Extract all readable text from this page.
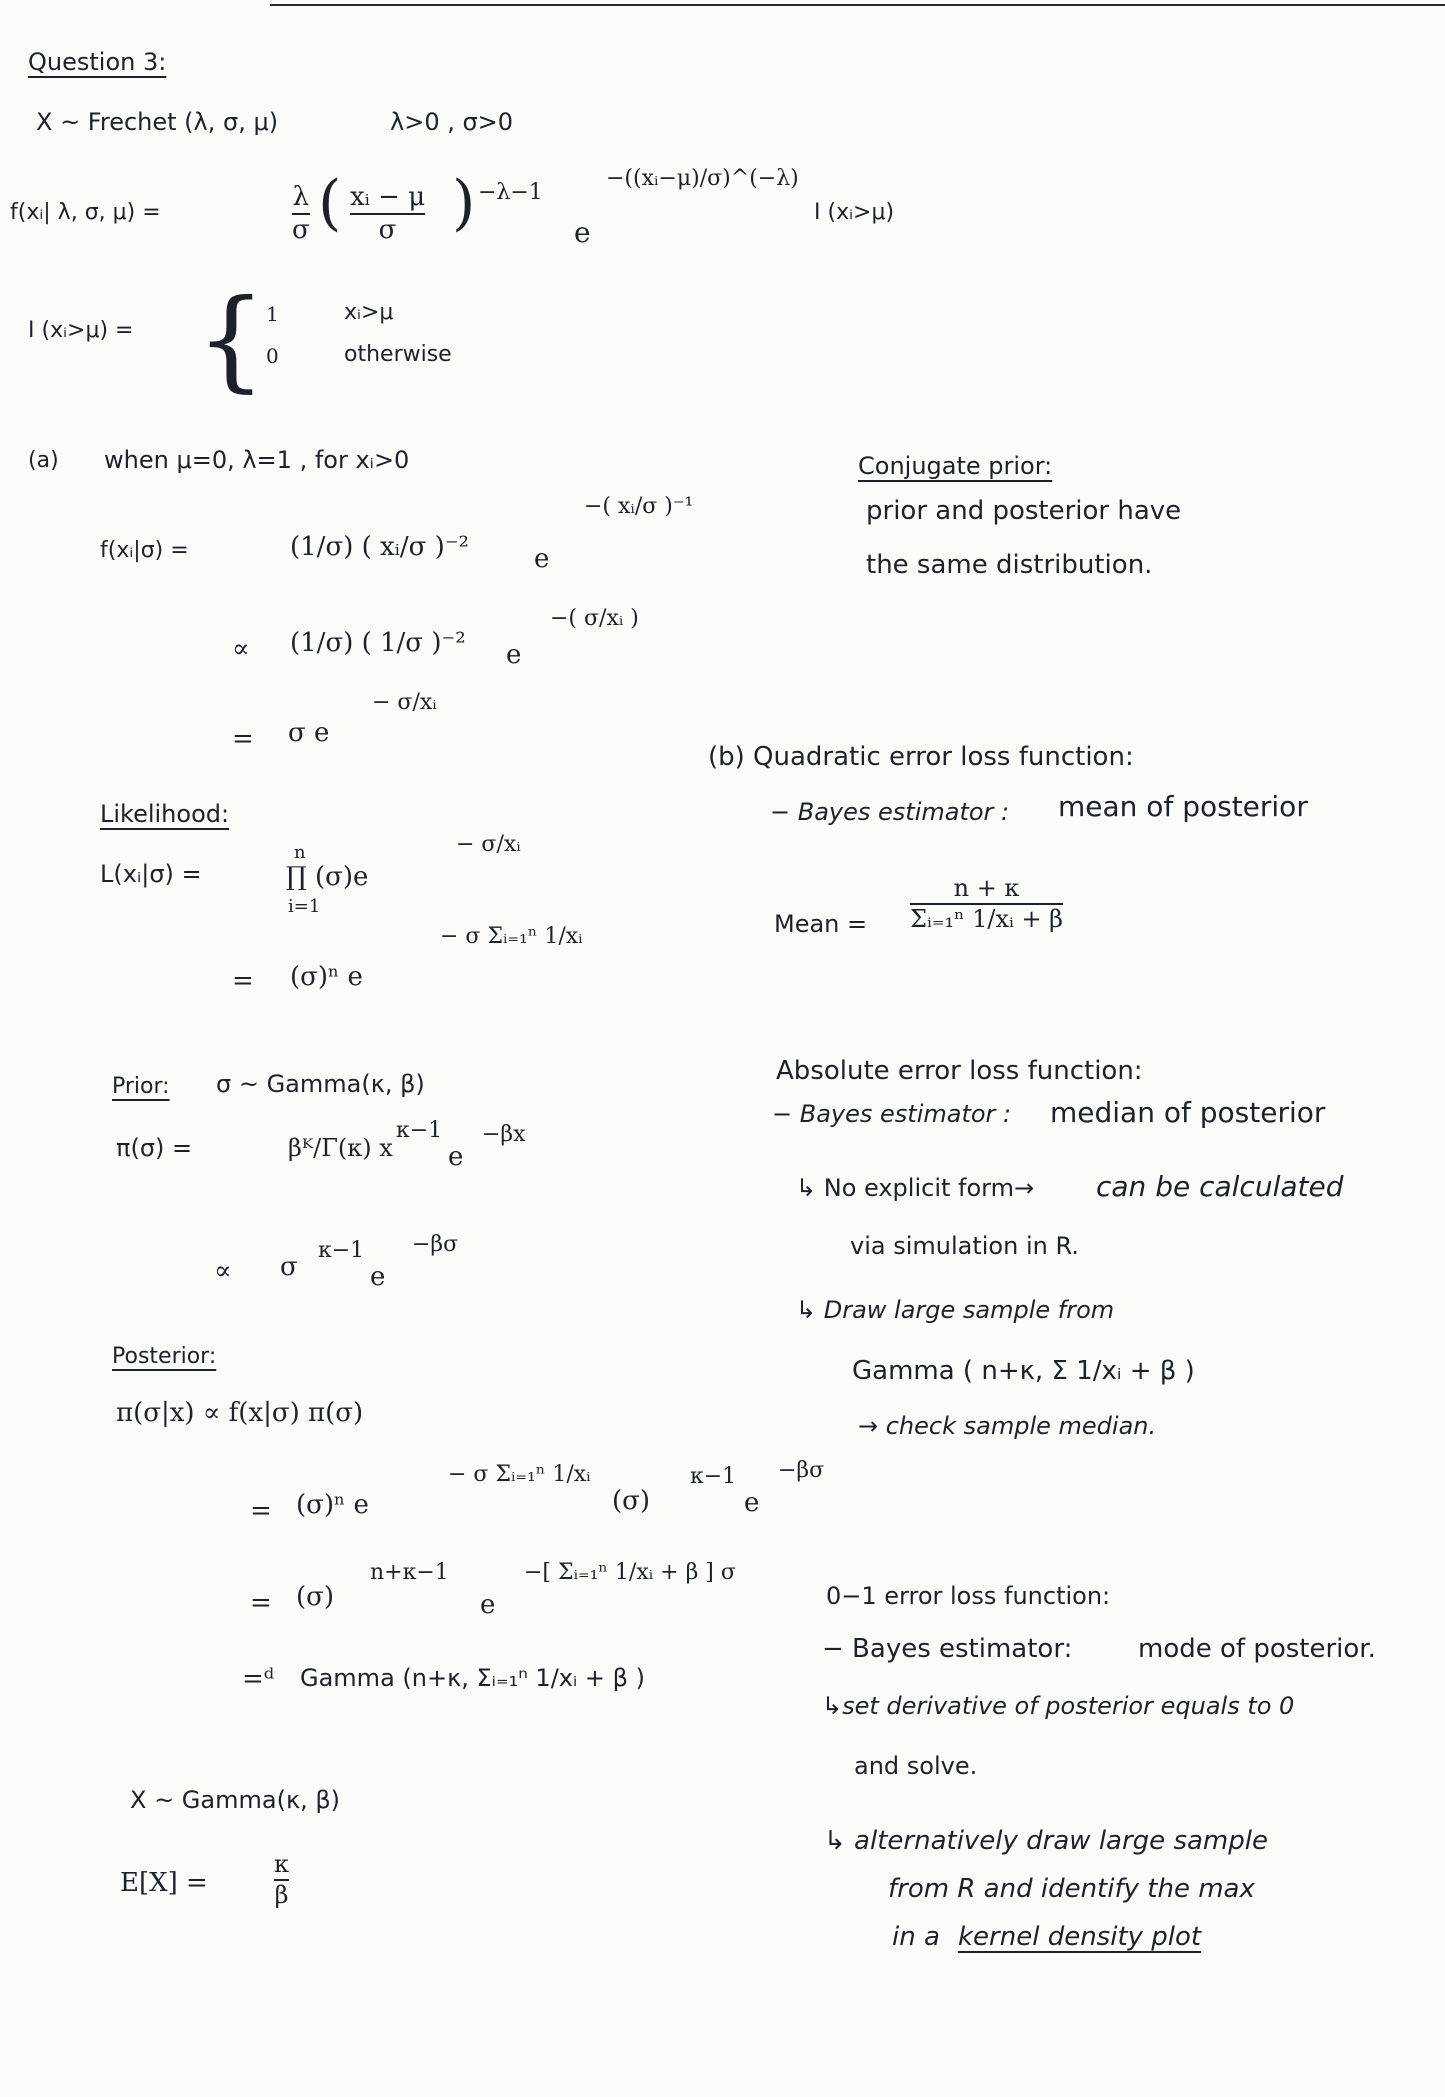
Question 3:
X ~ Frechet (λ, σ, μ)	λ>0 , σ>0
f(xᵢ| λ, σ, μ) =
λ
σ ( xᵢ − μ
σ ) −λ−1
e
−((xᵢ−μ)/σ)^(−λ)
I (xᵢ>μ)
I (xᵢ>μ) = { 1	xᵢ>μ
0	otherwise
(a) when μ=0, λ=1 , for xᵢ>0
f(xᵢ|σ) =	(1/σ) ( xᵢ/σ )⁻²	e
−( xᵢ/σ )⁻¹
∝ (1/σ) ( 1/σ )⁻² e
−( σ/xᵢ )
= σ e
− σ/xᵢ
Likelihood:
L(xᵢ|σ) =
n
∏ (σ)e
i=1
− σ/xᵢ
= (σ)ⁿ e
− σ Σᵢ₌₁ⁿ 1/xᵢ
Prior: σ ~ Gamma(κ, β)
π(σ) =	βᴷ/Γ(κ) x
κ−1
e
−βx
∝ σ
κ−1
e
−βσ
Posterior:
π(σ|x) ∝ f(x|σ) π(σ)
= (σ)ⁿ e
− σ Σᵢ₌₁ⁿ 1/xᵢ
(σ)
κ−1
e
−βσ
= (σ)
n+κ−1
e
−[ Σᵢ₌₁ⁿ 1/xᵢ + β ] σ
=ᵈ Gamma (n+κ, Σᵢ₌₁ⁿ 1/xᵢ + β )
X ~ Gamma(κ, β)
E[X] =
κ
β
Conjugate prior:
prior and posterior have
the same distribution.
(b) Quadratic error loss function:
− Bayes estimator : mean of posterior
Mean =
n + κ
Σᵢ₌₁ⁿ 1/xᵢ + β
Absolute error loss function:
− Bayes estimator : median of posterior
↳ No explicit form→ can be calculated
via simulation in R.
↳ Draw large sample from
Gamma ( n+κ, Σ 1/xᵢ + β )
→ check sample median.
0−1 error loss function:
− Bayes estimator:	mode of posterior.
↳set derivative of posterior equals to 0
and solve.
↳ alternatively draw large sample
from R and identify the max
in a kernel density plot
